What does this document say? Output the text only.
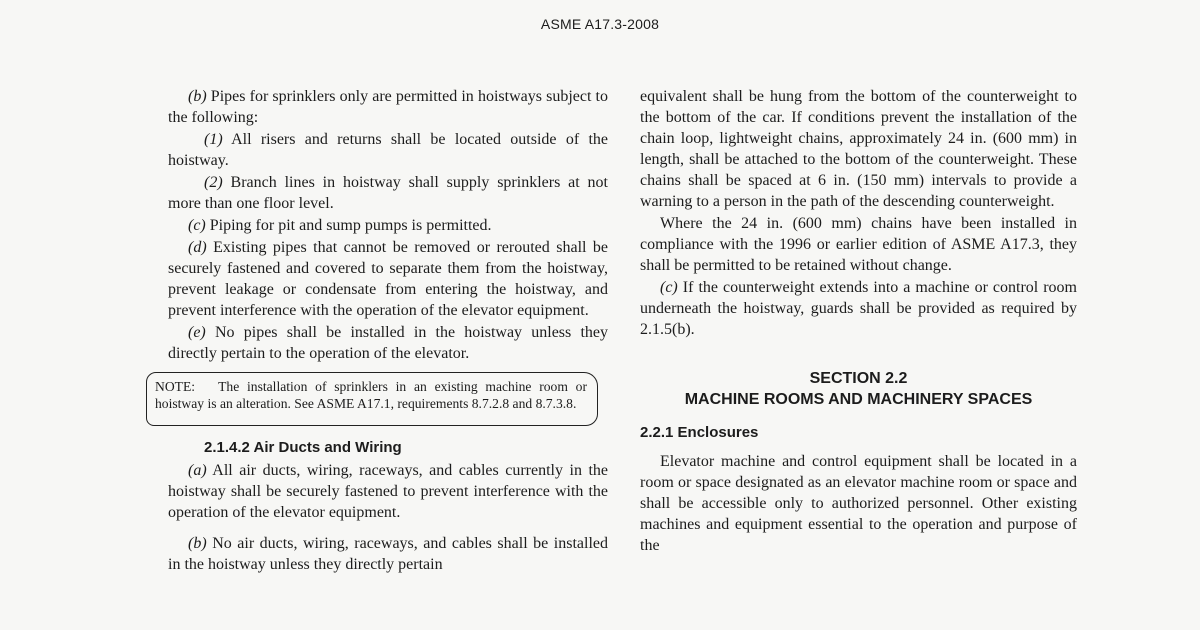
ASME A17.3-2008

(b) Pipes for sprinklers only are permitted in hoistways subject to the following:

(1) All risers and returns shall be located outside of the hoistway.

(2) Branch lines in hoistway shall supply sprinklers at not more than one floor level.

(c) Piping for pit and sump pumps is permitted.

(d) Existing pipes that cannot be removed or rerouted shall be securely fastened and covered to separate them from the hoistway, prevent leakage or condensate from entering the hoistway, and prevent interference with the operation of the elevator equipment.

(e) No pipes shall be installed in the hoistway unless they directly pertain to the operation of the elevator.

NOTE: The installation of sprinklers in an existing machine room or hoistway is an alteration. See ASME A17.1, requirements 8.7.2.8 and 8.7.3.8.
2.1.4.2 Air Ducts and Wiring

(a) All air ducts, wiring, raceways, and cables currently in the hoistway shall be securely fastened to prevent interference with the operation of the elevator equipment.

(b) No air ducts, wiring, raceways, and cables shall be installed in the hoistway unless they directly pertain

equivalent shall be hung from the bottom of the counterweight to the bottom of the car. If conditions prevent the installation of the chain loop, lightweight chains, approximately 24 in. (600 mm) in length, shall be attached to the bottom of the counterweight. These chains shall be spaced at 6 in. (150 mm) intervals to provide a warning to a person in the path of the descending counterweight.

Where the 24 in. (600 mm) chains have been installed in compliance with the 1996 or earlier edition of ASME A17.3, they shall be permitted to be retained without change.

(c) If the counterweight extends into a machine or control room underneath the hoistway, guards shall be provided as required by 2.1.5(b).

SECTION 2.2
MACHINE ROOMS AND MACHINERY SPACES
2.2.1 Enclosures

Elevator machine and control equipment shall be located in a room or space designated as an elevator machine room or space and shall be accessible only to authorized personnel. Other existing machines and equipment essential to the operation and purpose of the
